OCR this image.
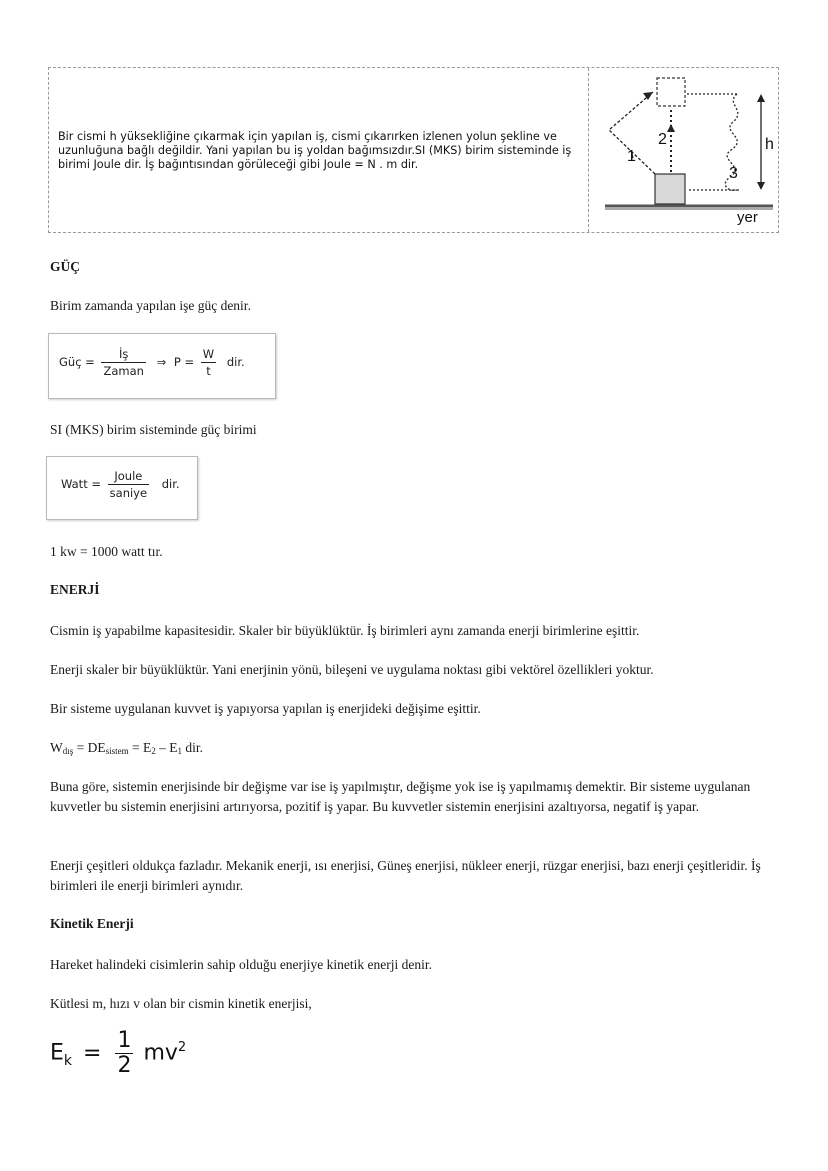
Bir cismi h yüksekliğine çıkarmak için yapılan iş, cismi çıkarırken izlenen yolun şekline ve uzunluğuna bağlı değildir. Yani yapılan bu iş yoldan bağımsızdır.SI (MKS) birim sisteminde iş birimi Joule dir. İş bağıntısından görüleceği gibi Joule = N . m dir.

2
1
3
h
yer
GÜÇ

Birim zamanda yapılan işe güç denir.

Güç = $\frac{İş}{\text{Zaman}}$ ⇒ $P = \frac{W}{t}$ dir.

SI (MKS) birim sisteminde güç birimi

Watt = $\frac{\text{Joule}}{\text{saniye}}$ dir.

1 kw = 1000 watt tır.

ENERJİ

Cismin iş yapabilme kapasitesidir. Skaler bir büyüklüktür. İş birimleri aynı zamanda enerji birimlerine eşittir.

Enerji skaler bir büyüklüktür. Yani enerjinin yönü, bileşeni ve uygulama noktası gibi vektörel özellikleri yoktur.

Bir sisteme uygulanan kuvvet iş yapıyorsa yapılan iş enerjideki değişime eşittir.

$W_{dış} = DE_{sistem} = E_2 - E_1$ dir.

Buna göre, sistemin enerjisinde bir değişme var ise iş yapılmıştır, değişme yok ise iş yapılmamış demektir. Bir sisteme uygulanan kuvvetler bu sistemin enerjisini artırıyorsa, pozitif iş yapar. Bu kuvvetler sistemin enerjisini azaltıyorsa, negatif iş yapar.

Enerji çeşitleri oldukça fazladır. Mekanik enerji, ısı enerjisi, Güneş enerjisi, nükleer enerji, rüzgar enerjisi, bazı enerji çeşitleridir. İş birimleri ile enerji birimleri aynıdır.

Kinetik Enerji

Hareket halindeki cisimlerin sahip olduğu enerjiye kinetik enerji denir.

Kütlesi m, hızı v olan bir cismin kinetik enerjisi,

$E_k = \frac{1}{2} mv^2$
